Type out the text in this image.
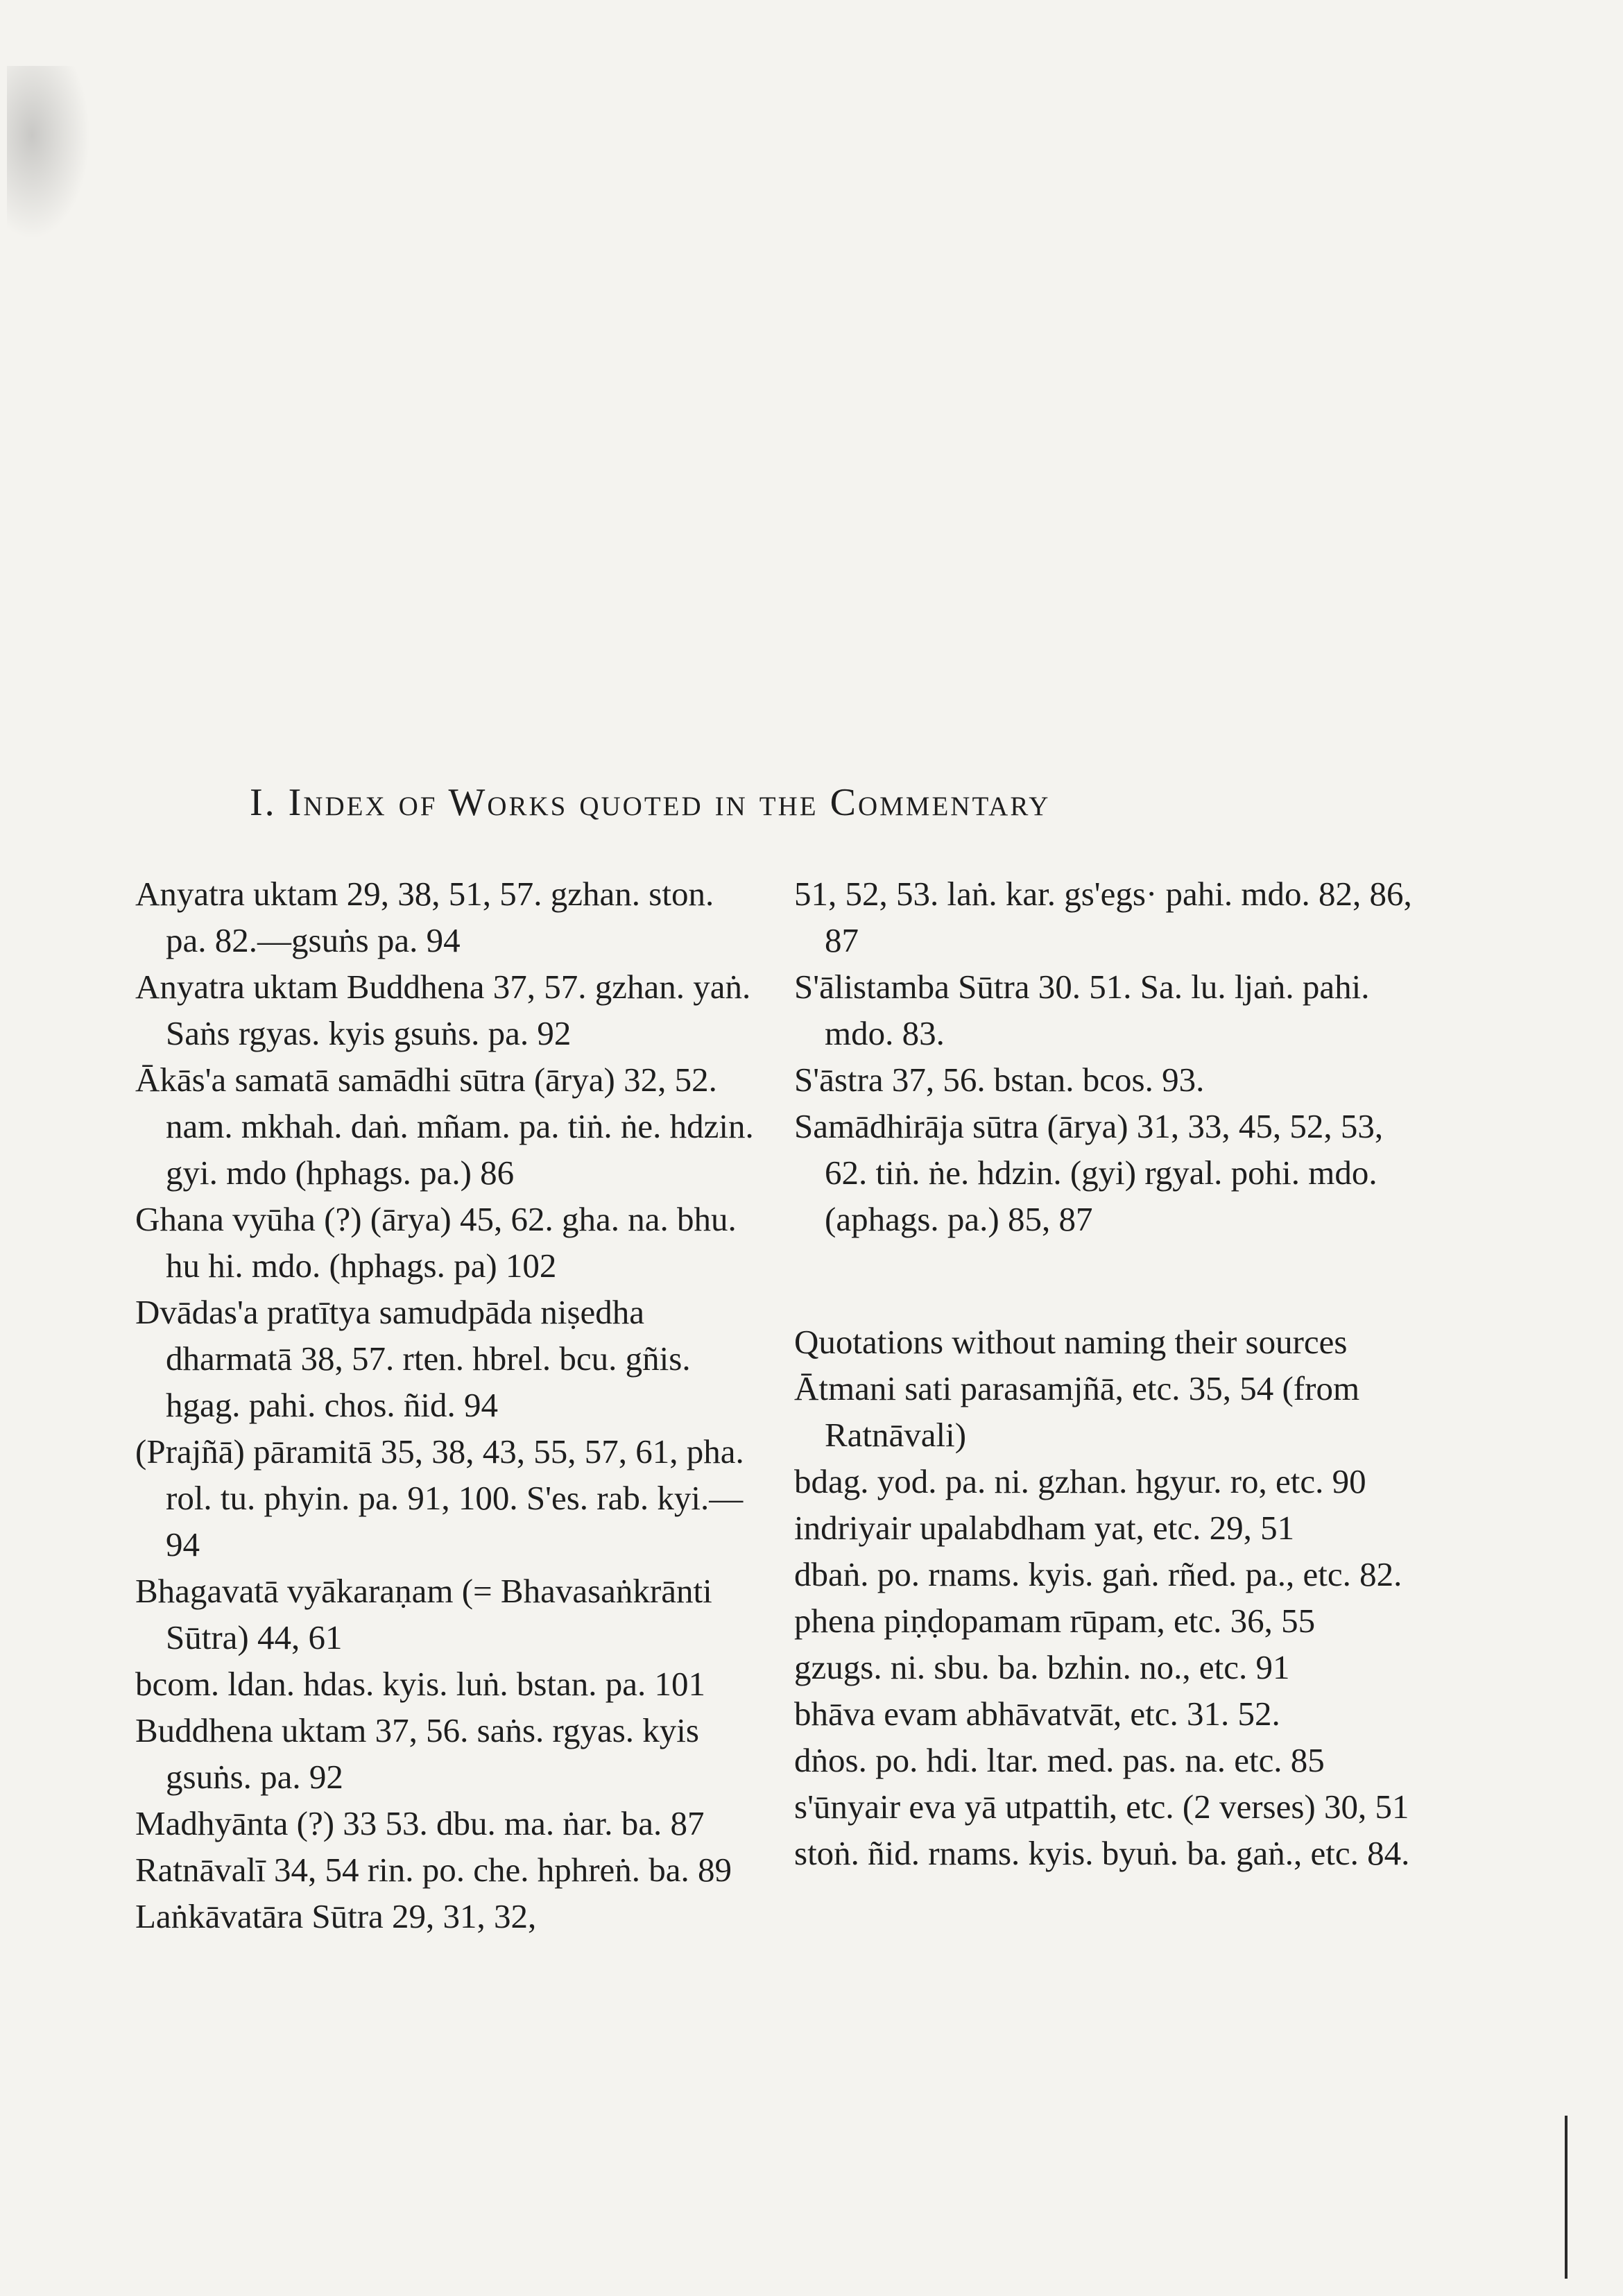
I. Index of Works quoted in the Commentary

Anyatra uktam 29, 38, 51, 57. gzhan. ston. pa. 82.—gsuṅs pa. 94

Anyatra uktam Buddhena 37, 57. gzhan. yaṅ. Saṅs rgyas. kyis gsuṅs. pa. 92

Ākās'a samatā samādhi sūtra (ārya) 32, 52. nam. mkhah. daṅ. mñam. pa. tiṅ. ṅe. hdzin. gyi. mdo (hphags. pa.) 86

Ghana vyūha (?) (ārya) 45, 62. gha. na. bhu. hu hi. mdo. (hphags. pa) 102

Dvādas'a pratītya samudpāda niṣedha dharmatā 38, 57. rten. hbrel. bcu. gñis. hgag. pahi. chos. ñid. 94

(Prajñā) pāramitā 35, 38, 43, 55, 57, 61, pha. rol. tu. phyin. pa. 91, 100. S'es. rab. kyi.—94

Bhagavatā vyākaraṇam (= Bhavasaṅkrānti Sūtra) 44, 61

bcom. ldan. hdas. kyis. luṅ. bstan. pa. 101

Buddhena uktam 37, 56. saṅs. rgyas. kyis gsuṅs. pa. 92

Madhyānta (?) 33 53. dbu. ma. ṅar. ba. 87

Ratnāvalī 34, 54 rin. po. che. hphreṅ. ba. 89

Laṅkāvatāra Sūtra 29, 31, 32,

51, 52, 53. laṅ. kar. gs'egs· pahi. mdo. 82, 86, 87

S'ālistamba Sūtra 30. 51. Sa. lu. ljaṅ. pahi. mdo. 83.

S'āstra 37, 56. bstan. bcos. 93.

Samādhirāja sūtra (ārya) 31, 33, 45, 52, 53, 62. tiṅ. ṅe. hdzin. (gyi) rgyal. pohi. mdo. (aphags. pa.) 85, 87

Quotations without naming their sources

Ātmani sati parasamjñā, etc. 35, 54 (from Ratnāvali)

bdag. yod. pa. ni. gzhan. hgyur. ro, etc. 90

indriyair upalabdham yat, etc. 29, 51

dbaṅ. po. rnams. kyis. gaṅ. rñed. pa., etc. 82.

phena piṇḍopamam rūpam, etc. 36, 55

gzugs. ni. sbu. ba. bzhin. no., etc. 91

bhāva evam abhāvatvāt, etc. 31. 52.

dṅos. po. hdi. ltar. med. pas. na. etc. 85

s'ūnyair eva yā utpattih, etc. (2 verses) 30, 51

stoṅ. ñid. rnams. kyis. byuṅ. ba. gaṅ., etc. 84.
